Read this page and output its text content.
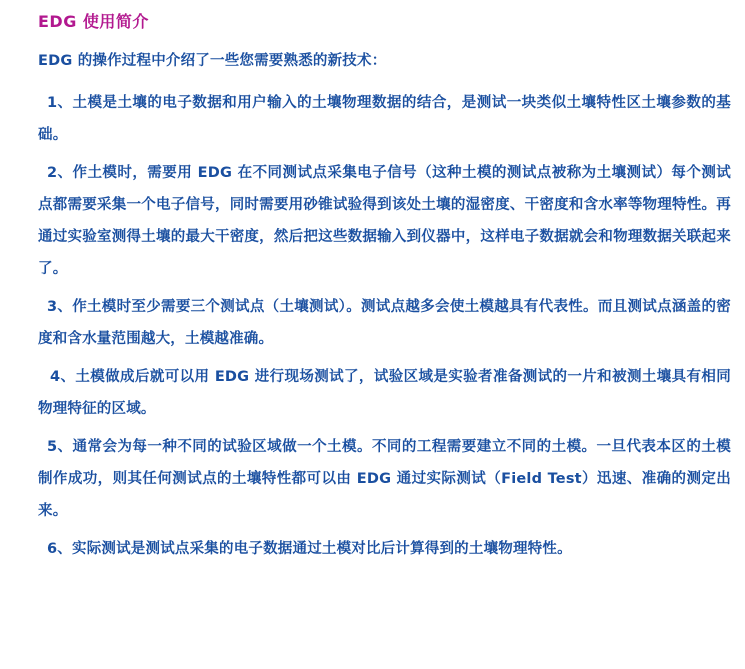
EDG 使用简介

EDG 的操作过程中介绍了一些您需要熟悉的新技术：

1、土模是土壤的电子数据和用户输入的土壤物理数据的结合，是测试一块类似土壤特性区土壤参数的基础。

2、作土模时，需要用 EDG 在不同测试点采集电子信号（这种土模的测试点被称为土壤测试）每个测试点都需要采集一个电子信号，同时需要用砂锥试验得到该处土壤的湿密度、干密度和含水率等物理特性。再通过实验室测得土壤的最大干密度，然后把这些数据输入到仪器中，这样电子数据就会和物理数据关联起来了。

3、作土模时至少需要三个测试点（土壤测试）。测试点越多会使土模越具有代表性。而且测试点涵盖的密度和含水量范围越大，土模越准确。

4、土模做成后就可以用 EDG 进行现场测试了，试验区域是实验者准备测试的一片和被测土壤具有相同物理特征的区域。

5、通常会为每一种不同的试验区域做一个土模。不同的工程需要建立不同的土模。一旦代表本区的土模制作成功，则其任何测试点的土壤特性都可以由 EDG 通过实际测试（Field Test）迅速、准确的测定出来。

6、实际测试是测试点采集的电子数据通过土模对比后计算得到的土壤物理特性。
